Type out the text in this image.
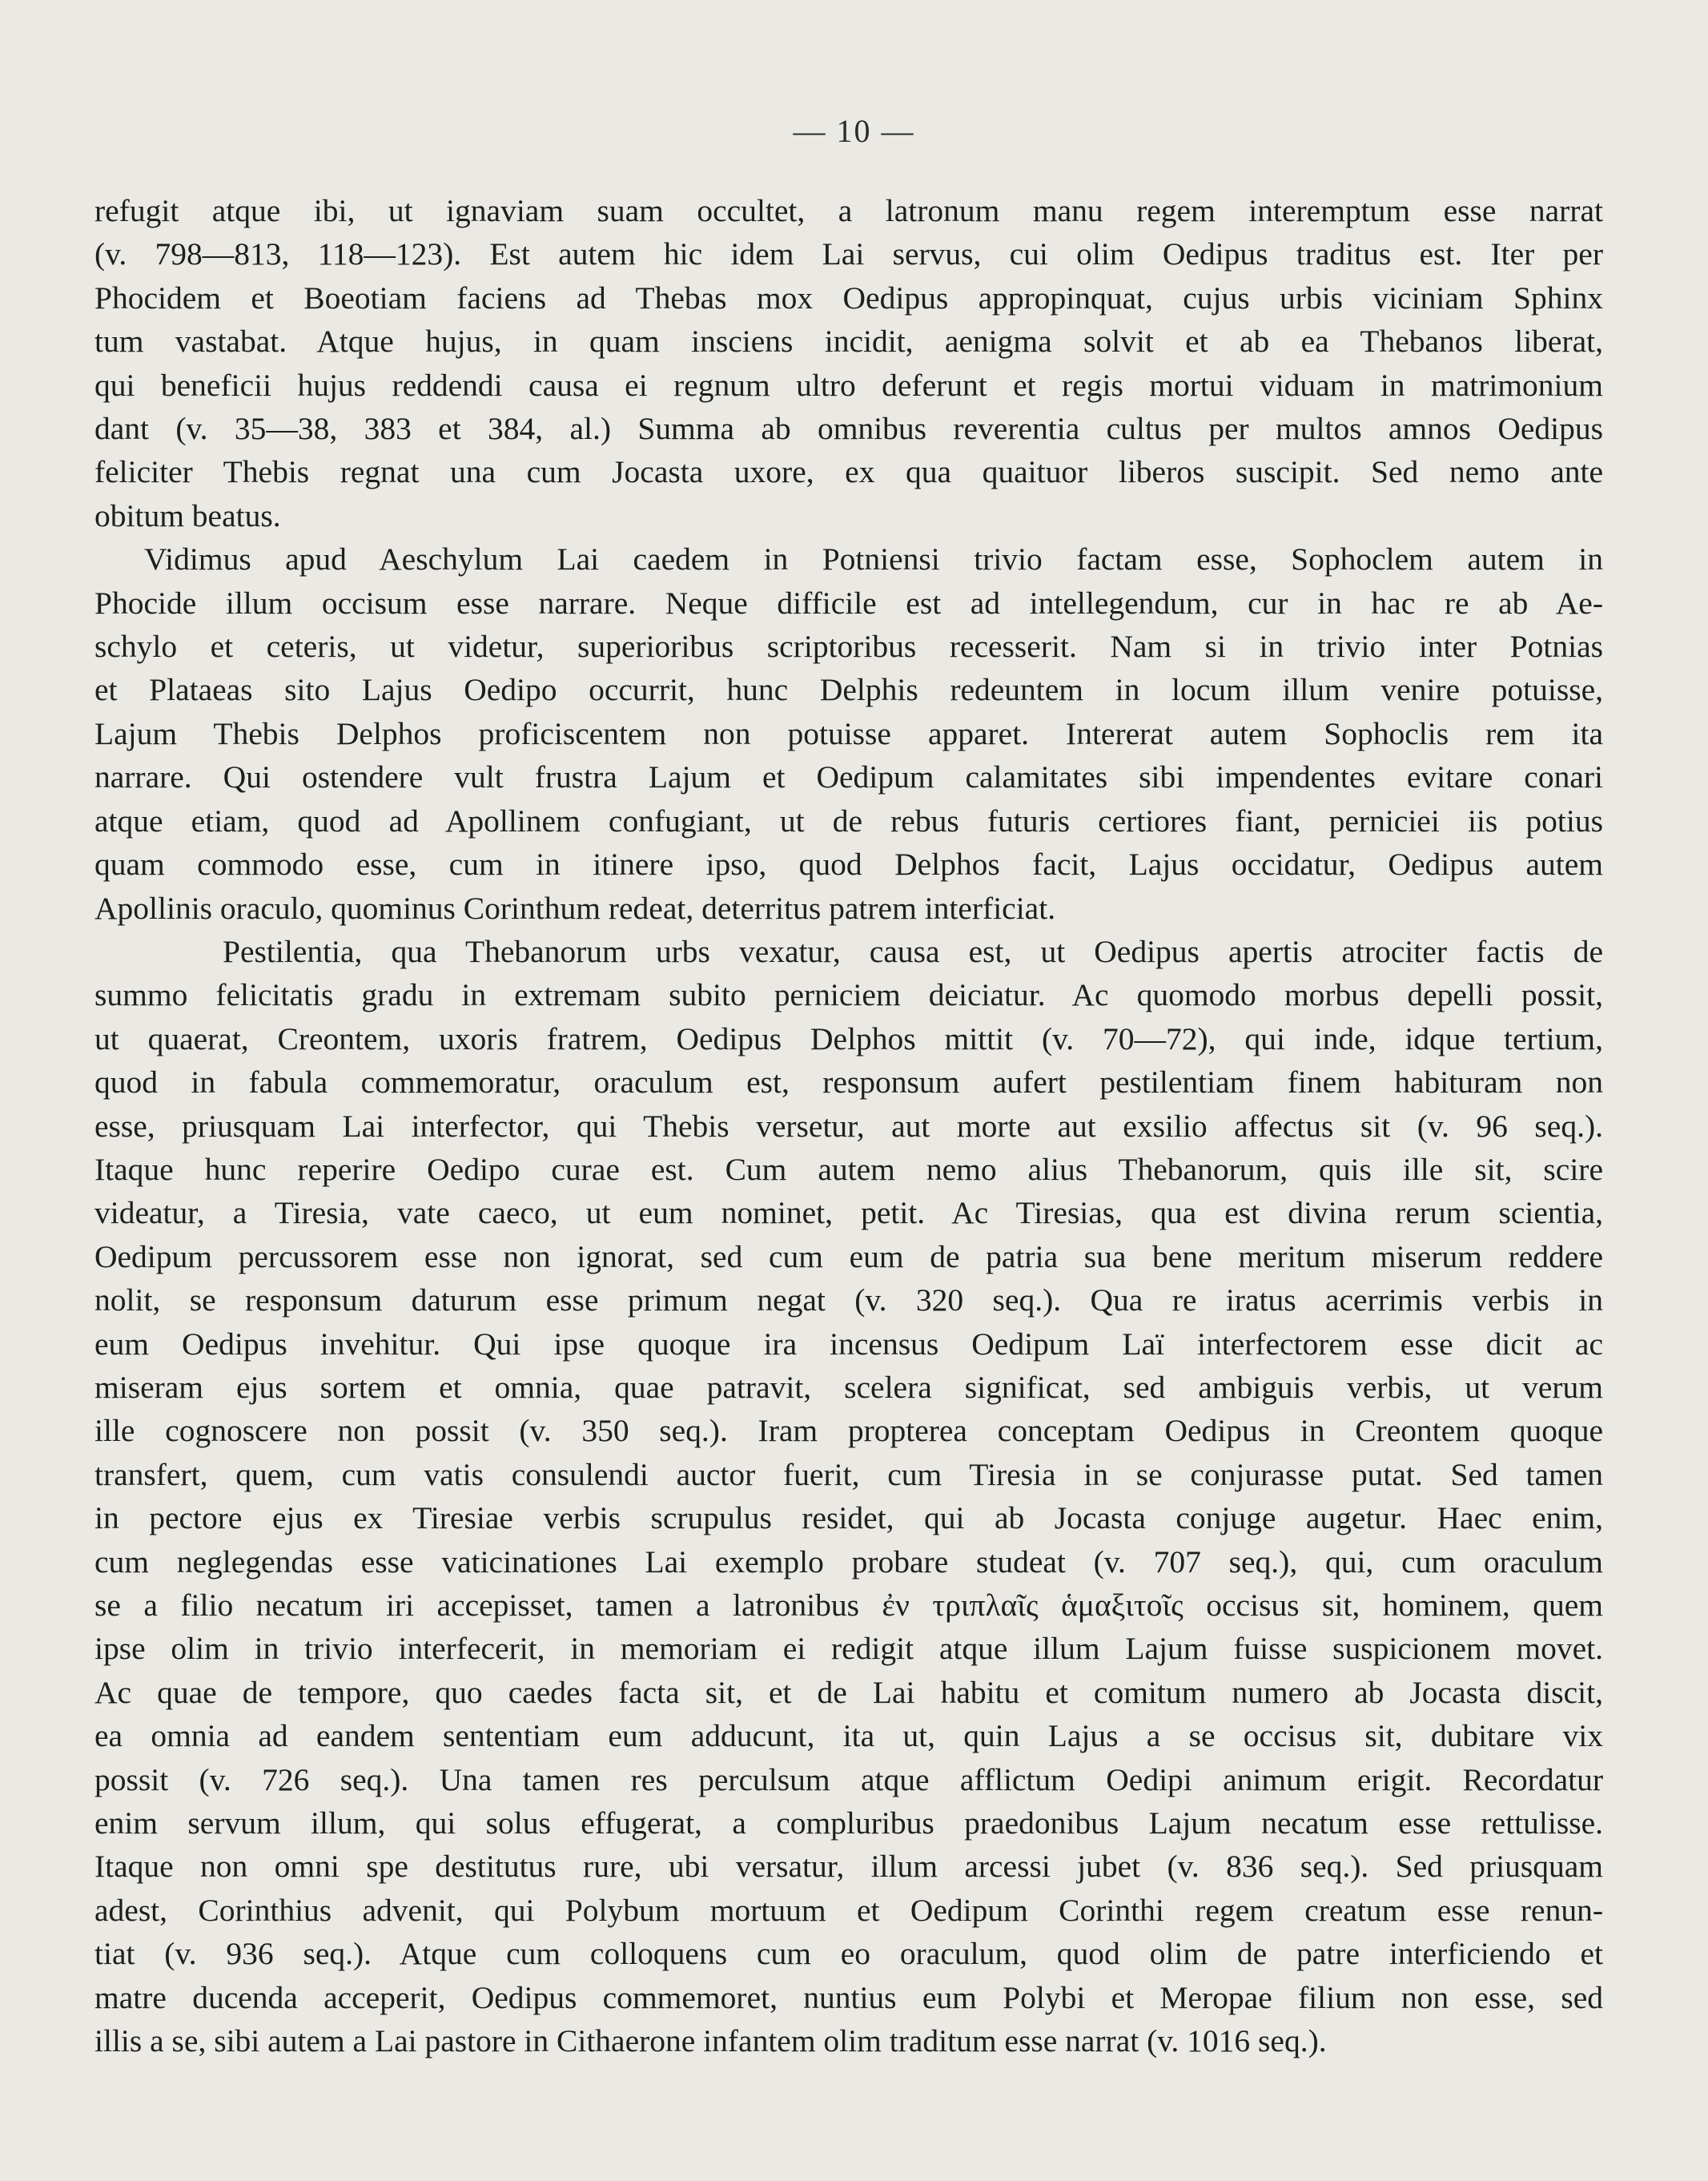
— 10 —
refugit atque ibi, ut ignaviam suam occultet, a latronum manu regem interemptum esse narrat
(v. 798—813, 118—123). Est autem hic idem Lai servus, cui olim Oedipus traditus est. Iter per
Phocidem et Boeotiam faciens ad Thebas mox Oedipus appropinquat, cujus urbis viciniam Sphinx
tum vastabat. Atque hujus, in quam insciens incidit, aenigma solvit et ab ea Thebanos liberat,
qui beneficii hujus reddendi causa ei regnum ultro deferunt et regis mortui viduam in matrimonium
dant (v. 35—38, 383 et 384, al.) Summa ab omnibus reverentia cultus per multos amnos Oedipus
feliciter Thebis regnat una cum Jocasta uxore, ex qua quaituor liberos suscipit. Sed nemo ante
obitum beatus.
Vidimus apud Aeschylum Lai caedem in Potniensi trivio factam esse, Sophoclem autem in
Phocide illum occisum esse narrare. Neque difficile est ad intellegendum, cur in hac re ab Ae-
schylo et ceteris, ut videtur, superioribus scriptoribus recesserit. Nam si in trivio inter Potnias
et Plataeas sito Lajus Oedipo occurrit, hunc Delphis redeuntem in locum illum venire potuisse,
Lajum Thebis Delphos proficiscentem non potuisse apparet. Intererat autem Sophoclis rem ita
narrare. Qui ostendere vult frustra Lajum et Oedipum calamitates sibi impendentes evitare conari
atque etiam, quod ad Apollinem confugiant, ut de rebus futuris certiores fiant, perniciei iis potius
quam commodo esse, cum in itinere ipso, quod Delphos facit, Lajus occidatur, Oedipus autem
Apollinis oraculo, quominus Corinthum redeat, deterritus patrem interficiat.
Pestilentia, qua Thebanorum urbs vexatur, causa est, ut Oedipus apertis atrociter factis de
summo felicitatis gradu in extremam subito perniciem deiciatur. Ac quomodo morbus depelli possit,
ut quaerat, Creontem, uxoris fratrem, Oedipus Delphos mittit (v. 70—72), qui inde, idque tertium,
quod in fabula commemoratur, oraculum est, responsum aufert pestilentiam finem habituram non
esse, priusquam Lai interfector, qui Thebis versetur, aut morte aut exsilio affectus sit (v. 96 seq.).
Itaque hunc reperire Oedipo curae est. Cum autem nemo alius Thebanorum, quis ille sit, scire
videatur, a Tiresia, vate caeco, ut eum nominet, petit. Ac Tiresias, qua est divina rerum scientia,
Oedipum percussorem esse non ignorat, sed cum eum de patria sua bene meritum miserum reddere
nolit, se responsum daturum esse primum negat (v. 320 seq.). Qua re iratus acerrimis verbis in
eum Oedipus invehitur. Qui ipse quoque ira incensus Oedipum Laï interfectorem esse dicit ac
miseram ejus sortem et omnia, quae patravit, scelera significat, sed ambiguis verbis, ut verum
ille cognoscere non possit (v. 350 seq.). Iram propterea conceptam Oedipus in Creontem quoque
transfert, quem, cum vatis consulendi auctor fuerit, cum Tiresia in se conjurasse putat. Sed tamen
in pectore ejus ex Tiresiae verbis scrupulus residet, qui ab Jocasta conjuge augetur. Haec enim,
cum neglegendas esse vaticinationes Lai exemplo probare studeat (v. 707 seq.), qui, cum oraculum
se a filio necatum iri accepisset, tamen a latronibus ἐν τριπλαῖς ἁμαξιτοῖς occisus sit, hominem, quem
ipse olim in trivio interfecerit, in memoriam ei redigit atque illum Lajum fuisse suspicionem movet.
Ac quae de tempore, quo caedes facta sit, et de Lai habitu et comitum numero ab Jocasta discit,
ea omnia ad eandem sententiam eum adducunt, ita ut, quin Lajus a se occisus sit, dubitare vix
possit (v. 726 seq.). Una tamen res perculsum atque afflictum Oedipi animum erigit. Recordatur
enim servum illum, qui solus effugerat, a compluribus praedonibus Lajum necatum esse rettulisse.
Itaque non omni spe destitutus rure, ubi versatur, illum arcessi jubet (v. 836 seq.). Sed priusquam
adest, Corinthius advenit, qui Polybum mortuum et Oedipum Corinthi regem creatum esse renun-
tiat (v. 936 seq.). Atque cum colloquens cum eo oraculum, quod olim de patre interficiendo et
matre ducenda acceperit, Oedipus commemoret, nuntius eum Polybi et Meropae filium non esse, sed
illis a se, sibi autem a Lai pastore in Cithaerone infantem olim traditum esse narrat (v. 1016 seq.).
